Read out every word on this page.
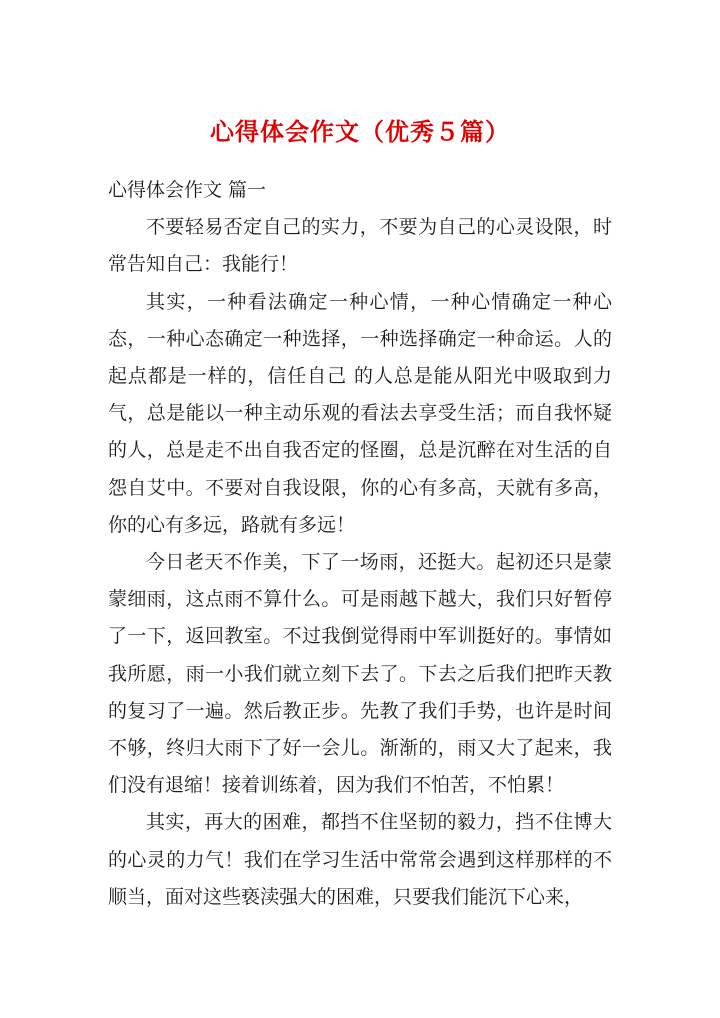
心得体会作文（优秀５篇）

心得体会作文 篇一

不要轻易否定自己的实力，不要为自己的心灵设限，时常告知自己：我能行！

其实，一种看法确定一种心情，一种心情确定一种心态，一种心态确定一种选择，一种选择确定一种命运。人的起点都是一样的，信任自己 的人总是能从阳光中吸取到力气，总是能以一种主动乐观的看法去享受生活；而自我怀疑的人，总是走不出自我否定的怪圈，总是沉醉在对生活的自怨自艾中。不要对自我设限，你的心有多高，天就有多高，你的心有多远，路就有多远！

今日老天不作美，下了一场雨，还挺大。起初还只是蒙蒙细雨，这点雨不算什么。可是雨越下越大，我们只好暂停了一下，返回教室。不过我倒觉得雨中军训挺好的。事情如我所愿，雨一小我们就立刻下去了。下去之后我们把昨天教的复习了一遍。然后教正步。先教了我们手势，也许是时间不够，终归大雨下了好一会儿。渐渐的，雨又大了起来，我们没有退缩！接着训练着，因为我们不怕苦，不怕累！

其实，再大的困难，都挡不住坚韧的毅力，挡不住博大的心灵的力气！我们在学习生活中常常会遇到这样那样的不顺当，面对这些亵渎强大的困难，只要我们能沉下心来，
